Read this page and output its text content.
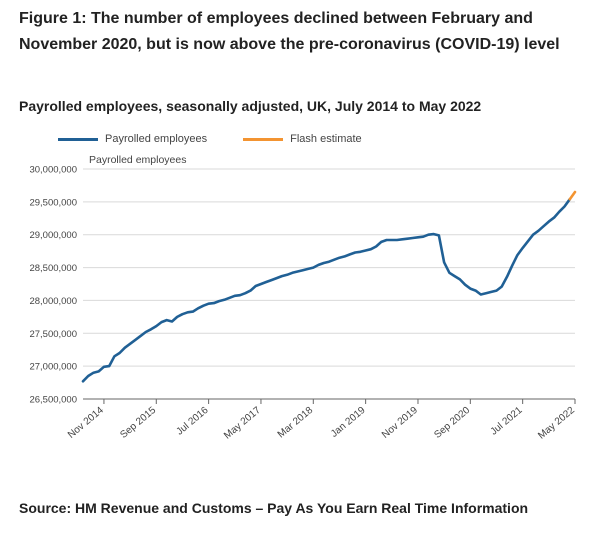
Figure 1: The number of employees declined between February and November 2020, but is now above the pre-coronavirus (COVID-19) level
Payrolled employees, seasonally adjusted, UK, July 2014 to May 2022
Payrolled employees	Flash estimate
26,500,000
27,000,000
27,500,000
28,000,000
28,500,000
29,000,000
29,500,000
30,000,000
Payrolled employees
Nov 2014 Sep 2015 Jul 2016 May 2017 Mar 2018 Jan 2019 Nov 2019 Sep 2020 Jul 2021 May 2022

Source: HM Revenue and Customs – Pay As You Earn Real Time Information
